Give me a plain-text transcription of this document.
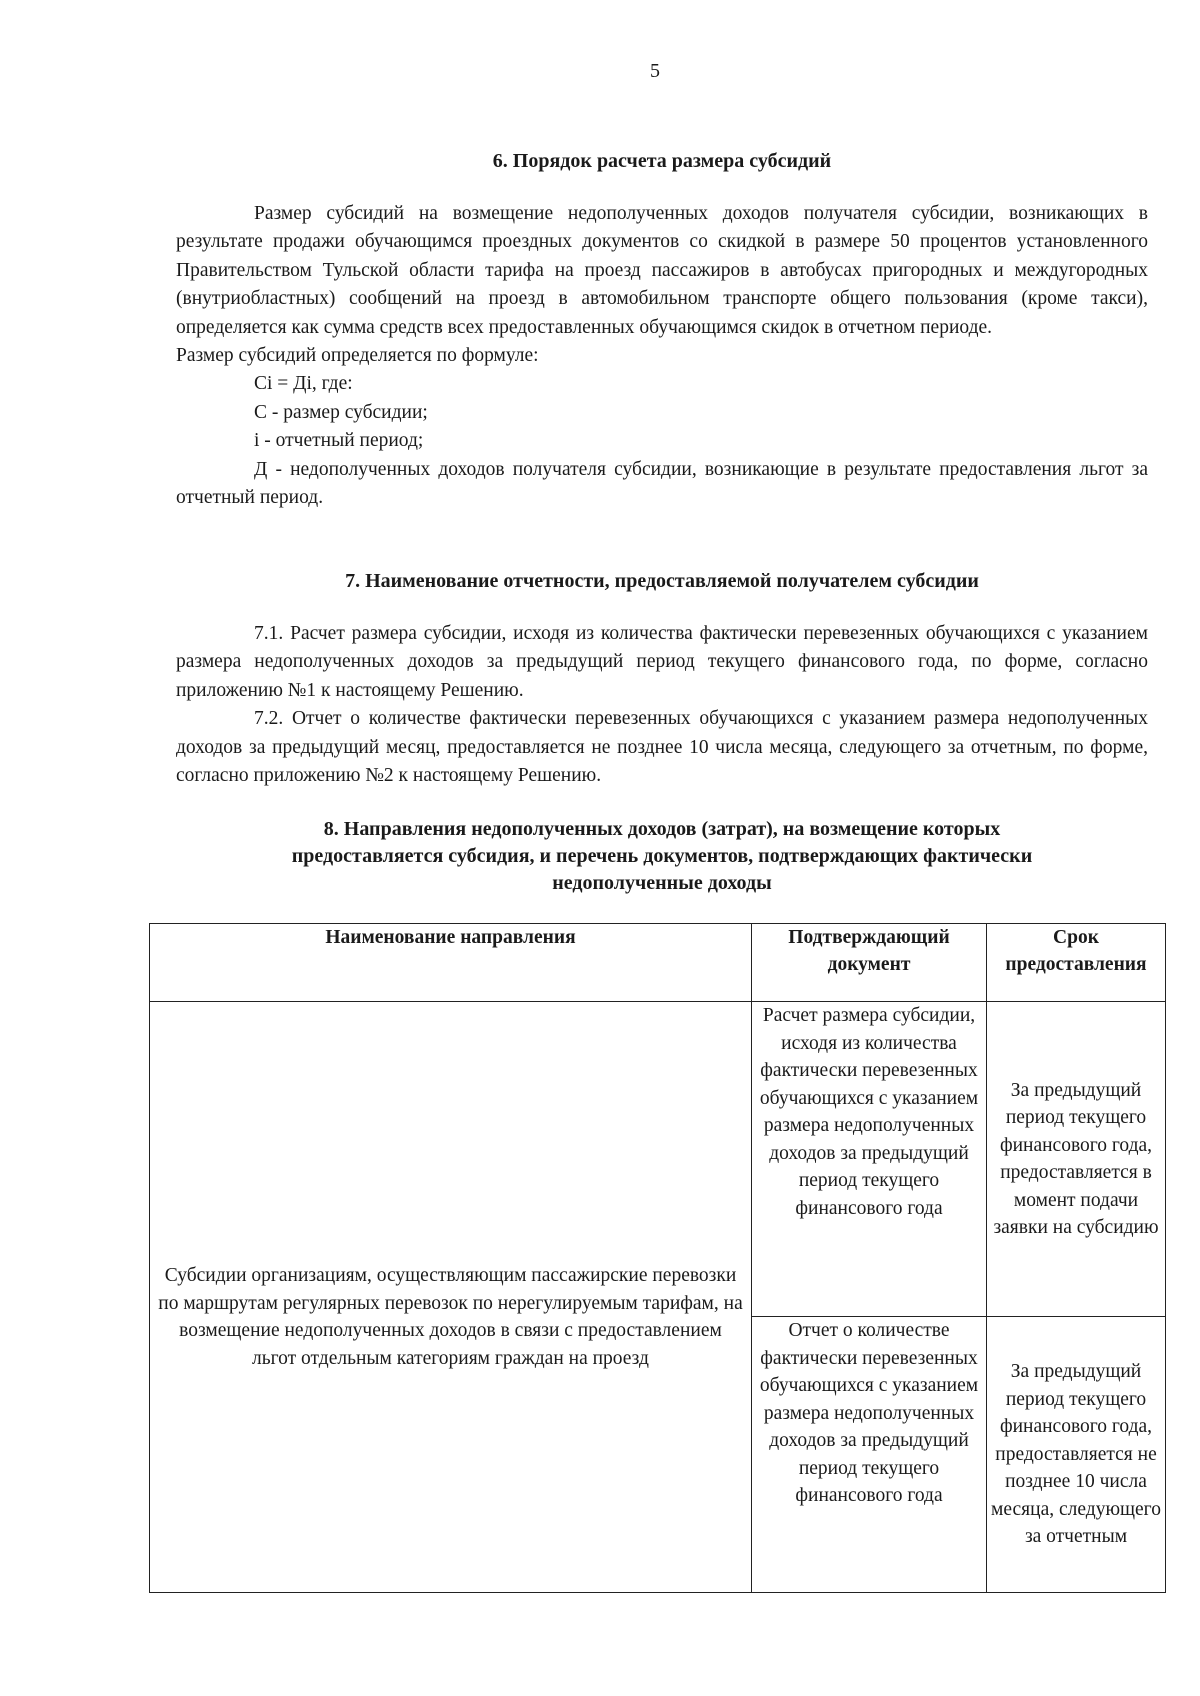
5
6. Порядок расчета размера субсидий
Размер субсидий на возмещение недополученных доходов получателя субсидии, возникающих в результате продажи обучающимся проездных документов со скидкой в размере 50 процентов установленного Правительством Тульской области тарифа на проезд пассажиров в автобусах пригородных и междугородных (внутриобластных) сообщений на проезд в автомобильном транспорте общего пользования (кроме такси), определяется как сумма средств всех предоставленных обучающимся скидок в отчетном периоде.
Размер субсидий определяется по формуле:
Сi = Дi, где:
С - размер субсидии;
i - отчетный период;
Д - недополученных доходов получателя субсидии, возникающие в результате предоставления льгот за отчетный период.
7. Наименование отчетности, предоставляемой получателем субсидии
7.1. Расчет размера субсидии, исходя из количества фактически перевезенных обучающихся с указанием размера недополученных доходов за предыдущий период текущего финансового года, по форме, согласно приложению №1 к настоящему Решению.
7.2. Отчет о количестве фактически перевезенных обучающихся с указанием размера недополученных доходов за предыдущий месяц, предоставляется не позднее 10 числа месяца, следующего за отчетным, по форме, согласно приложению №2 к настоящему Решению.
8. Направления недополученных доходов (затрат), на возмещение которых
предоставляется субсидия, и перечень документов, подтверждающих фактически
недополученные доходы
Наименование направления	Подтверждающий документ	Срок предоставления
Субсидии организациям, осуществляющим пассажирские перевозки по маршрутам регулярных перевозок по нерегулируемым тарифам, на возмещение недополученных доходов в связи с предоставлением льгот отдельным категориям граждан на проезд	Расчет размера субсидии, исходя из количества фактически перевезенных обучающихся с указанием размера недополученных доходов за предыдущий период текущего финансового года	За предыдущий период текущего финансового года, предоставляется в момент подачи заявки на субсидию
	Отчет о количестве фактически перевезенных обучающихся с указанием размера недополученных доходов за предыдущий период текущего финансового года	За предыдущий период текущего финансового года, предоставляется не позднее 10 числа месяца, следующего за отчетным
